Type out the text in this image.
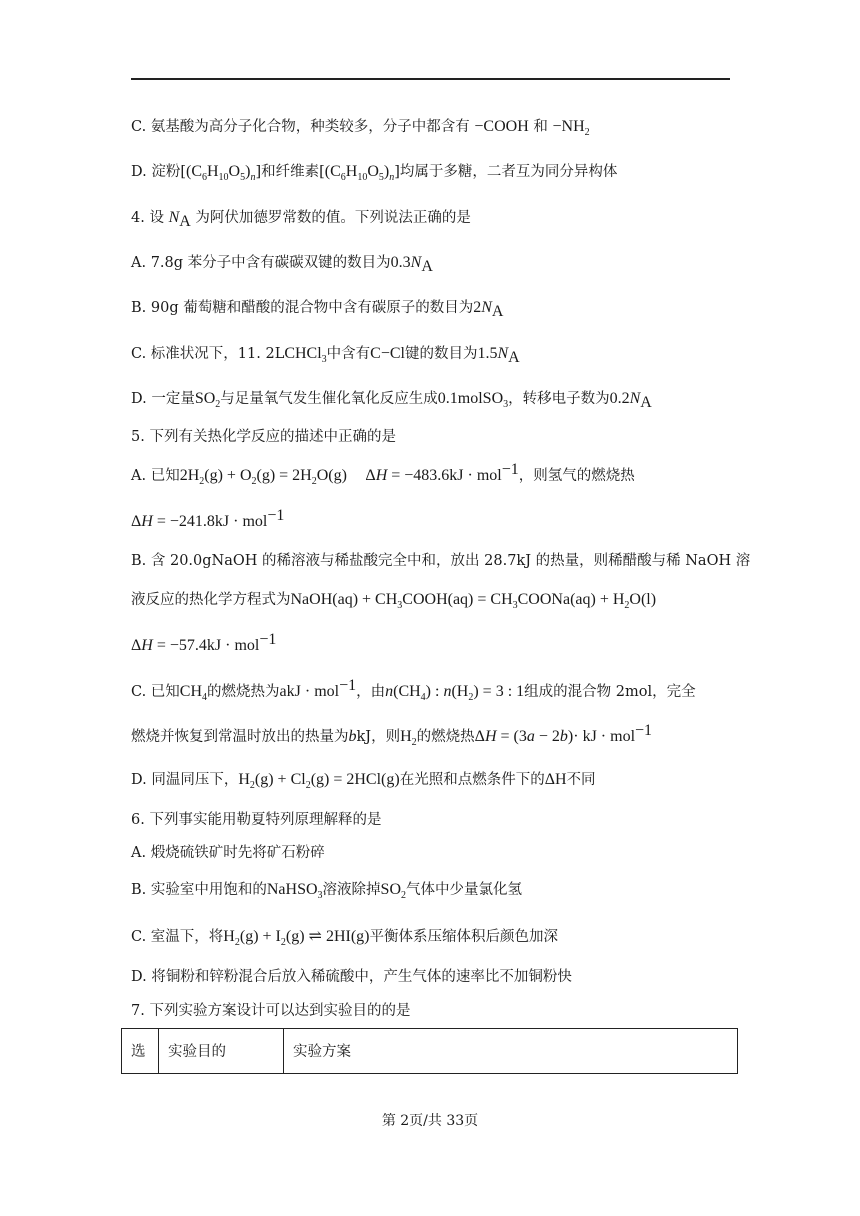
C. 氨基酸为高分子化合物，种类较多，分子中都含有 −COOH 和 $-NH_2$
D. 淀粉$[(C_6H_{10}O_5)_n]$和纤维素$[(C_6H_{10}O_5)_n]$均属于多糖，二者互为同分异构体
4. 设 $N_A$ 为阿伏加德罗常数的值。下列说法正确的是
A. 7.8g 苯分子中含有碳碳双键的数目为$0.3N_A$
B. 90g 葡萄糖和醋酸的混合物中含有碳原子的数目为$2N_A$
C. 标准状况下，11. 2LCHCl$_3$中含有C−Cl键的数目为$1.5N_A$
D. 一定量$SO_2$与足量氧气发生催化氧化反应生成0.1molSO$_3$，转移电子数为$0.2N_A$
5. 下列有关热化学反应的描述中正确的是
A. 已知$2H_2(g) + O_2(g) = 2H_2O(g) \Delta H = -483.6kJ \cdot mol^{-1}$，则氢气的燃烧热
ΔH = −241.8kJ · mol$^{-1}$
B. 含 20.0gNaOH 的稀溶液与稀盐酸完全中和，放出 28.7kJ 的热量，则稀醋酸与稀 NaOH 溶
液反应的热化学方程式为NaOH(aq) + $CH_3COOH(aq)$ = $CH_3COONa(aq) + H_2O(l)$
ΔH = −57.4kJ · mol$^{-1}$
C. 已知$CH_4$的燃烧热为akJ · mol$^{-1}$，由$n(CH_4)$ : $n(H_2) = 3$ : 1组成的混合物 2mol，完全
燃烧并恢复到常温时放出的热量为bkJ，则$H_2$的燃烧热ΔH = (3a − 2b)· kJ · mol$^{-1}$
D. 同温同压下，$H_2(g) + Cl_2(g) = 2HCl(g)$在光照和点燃条件下的ΔH不同
6. 下列事实能用勒夏特列原理解释的是
A. 煅烧硫铁矿时先将矿石粉碎
B. 实验室中用饱和的NaHSO$_3$溶液除掉$SO_2$气体中少量氯化氢
C. 室温下，将$H_2(g) + I_2(g)$ ⇌ 2HI(g)平衡体系压缩体积后颜色加深
D. 将铜粉和锌粉混合后放入稀硫酸中，产生气体的速率比不加铜粉快
7. 下列实验方案设计可以达到实验目的的是
选	实验目的	实验方案
第 2页/共 33页
